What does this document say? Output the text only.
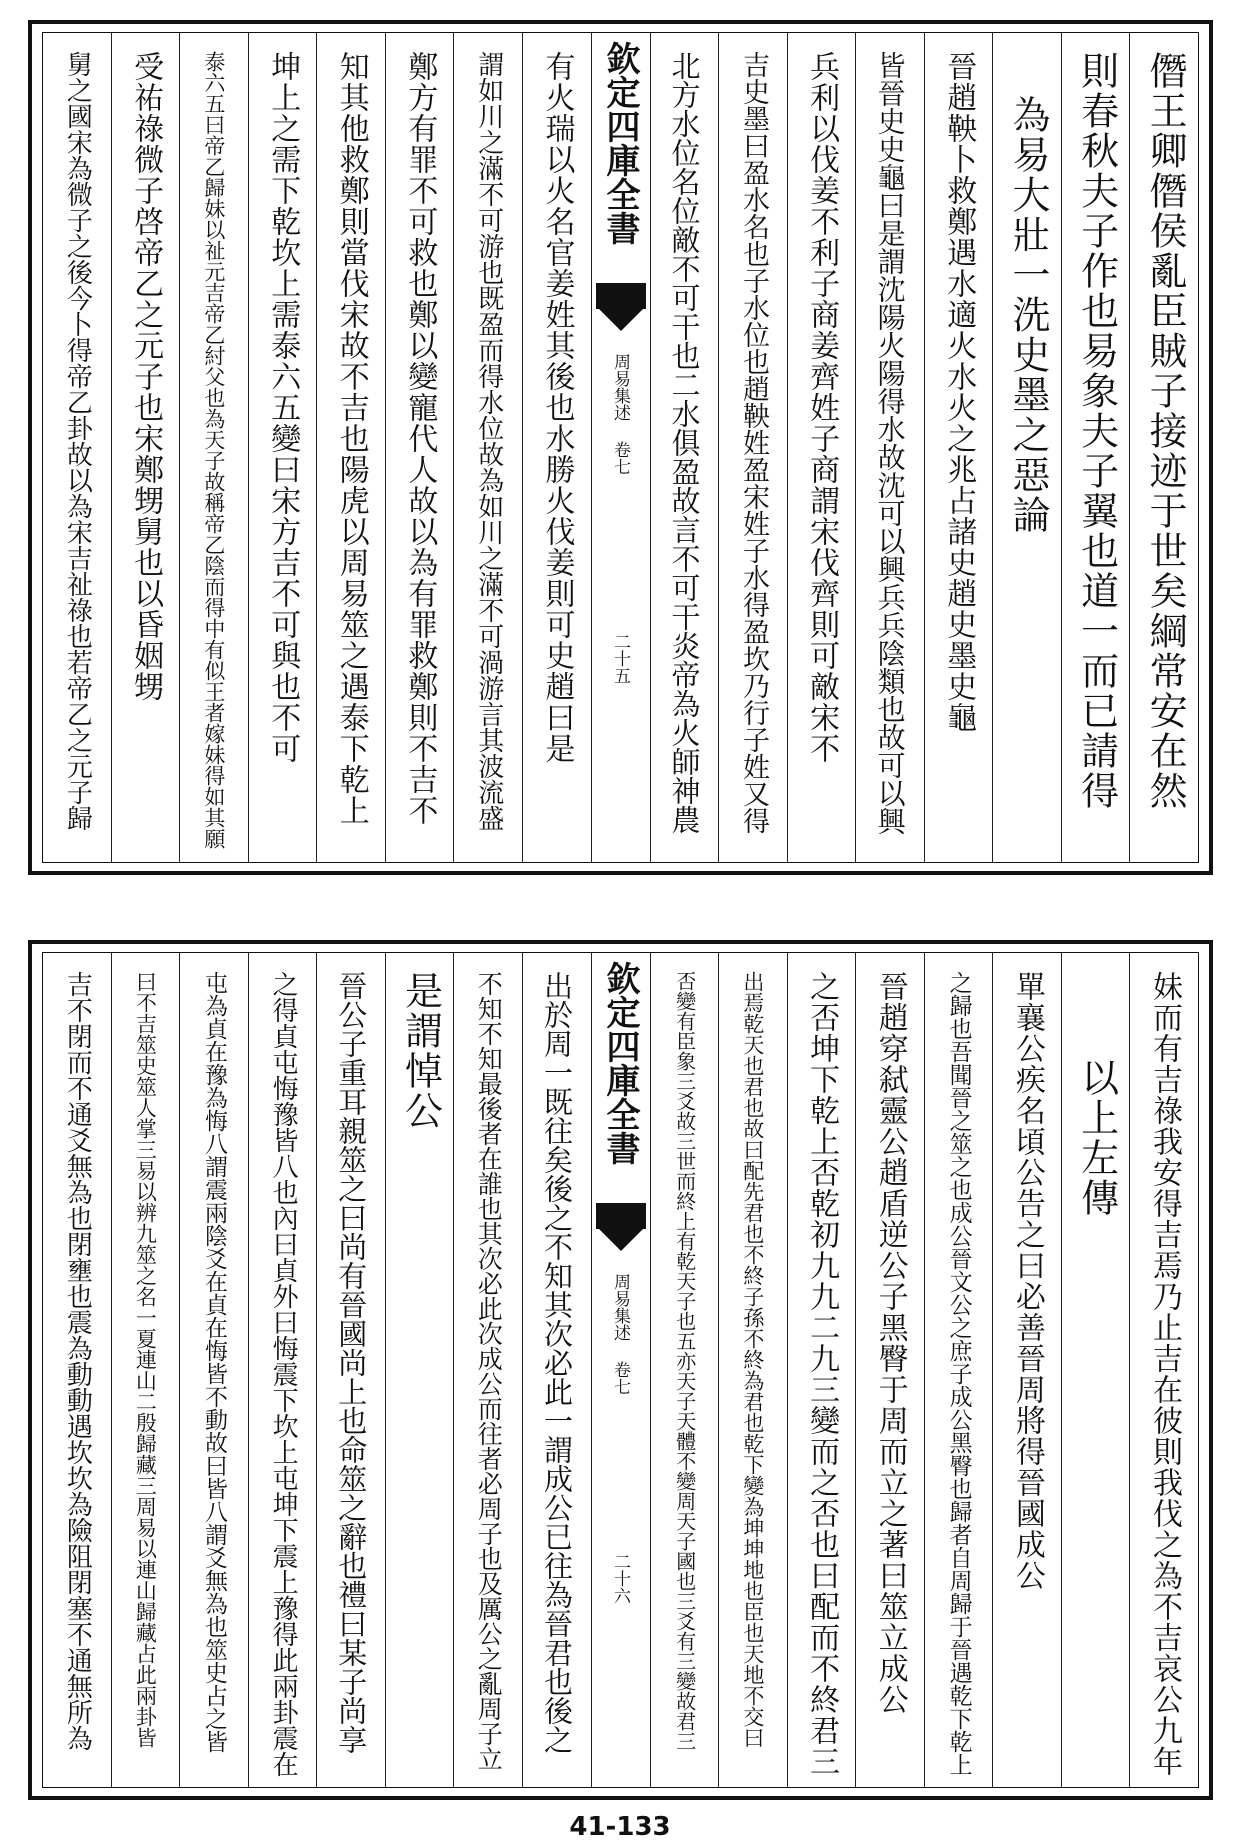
僭王卿僭侯亂臣賊子接迹于世矣綱常安在然
則春秋夫子作也易象夫子翼也道一而已請得
為易大壯一洗史墨之惡論
晉趙鞅卜救鄭遇水適火水火之兆占諸史趙史墨史龜
皆晉史史龜曰是謂沈陽火陽得水故沈可以興兵兵陰類也故可以興
兵利以伐姜不利子商姜齊姓子商謂宋伐齊則可敵宋不
吉史墨曰盈水名也子水位也趙鞅姓盈宋姓子水得盈坎乃行子姓又得
北方水位名位敵不可干也二水俱盈故言不可干炎帝為火師神農
欽定四庫全書
周易集述 卷七
二十五
有火瑞以火名官姜姓其後也水勝火伐姜則可史趙曰是
謂如川之滿不可游也既盈而得水位故為如川之滿不可渦游言其波流盛
鄭方有罪不可救也鄭以變寵代人故以為有罪救鄭則不吉不
知其他救鄭則當伐宋故不吉也陽虎以周易筮之遇泰下乾上
坤上之需下乾坎上需泰六五變曰宋方吉不可與也不可
泰六五曰帝乙歸妹以祉元吉帝乙紂父也為天子故稱帝乙陰而得中有似王者嫁妹得如其願
受祐祿微子啓帝乙之元子也宋鄭甥舅也以昏姻甥
舅之國宋為微子之後今卜得帝乙卦故以為宋吉祉祿也若帝乙之元子歸
妹而有吉祿我安得吉焉乃止吉在彼則我伐之為不吉哀公九年
以上左傳
單襄公疾名頃公告之曰必善晉周將得晉國成公
之歸也吾聞晉之筮之也成公晉文公之庶子成公黑臀也歸者自周歸于晉遇乾下乾上
晉趙穿弑靈公趙盾逆公子黑臀于周而立之著曰筮立成公
之否坤下乾上否乾初九九二九三變而之否也曰配而不終君三
出焉乾天也君也故曰配先君也不終子孫不終為君也乾下變為坤坤地也臣也天地不交曰
否變有臣象三爻故三世而終上有乾天子也五亦天子天體不變周天子國也三爻有三變故君三
欽定四庫全書
周易集述 卷七
二十六
出於周一既往矣後之不知其次必此一謂成公已往為晉君也後之
不知不知最後者在誰也其次必此次成公而往者必周子也及厲公之亂周子立
是謂悼公
晉公子重耳親筮之曰尚有晉國尚上也命筮之辭也禮曰某子尚享
之得貞屯悔豫皆八也內曰貞外曰悔震下坎上屯坤下震上豫得此兩卦震在
屯為貞在豫為悔八謂震兩陰爻在貞在悔皆不動故曰皆八謂爻無為也筮史占之皆
曰不吉筮史筮人掌三易以辨九筮之名一夏連山二殷歸藏三周易以連山歸藏占此兩卦皆
吉不閉而不通爻無為也閉壅也震為動動遇坎坎為險阻閉塞不通無所為
41-133
